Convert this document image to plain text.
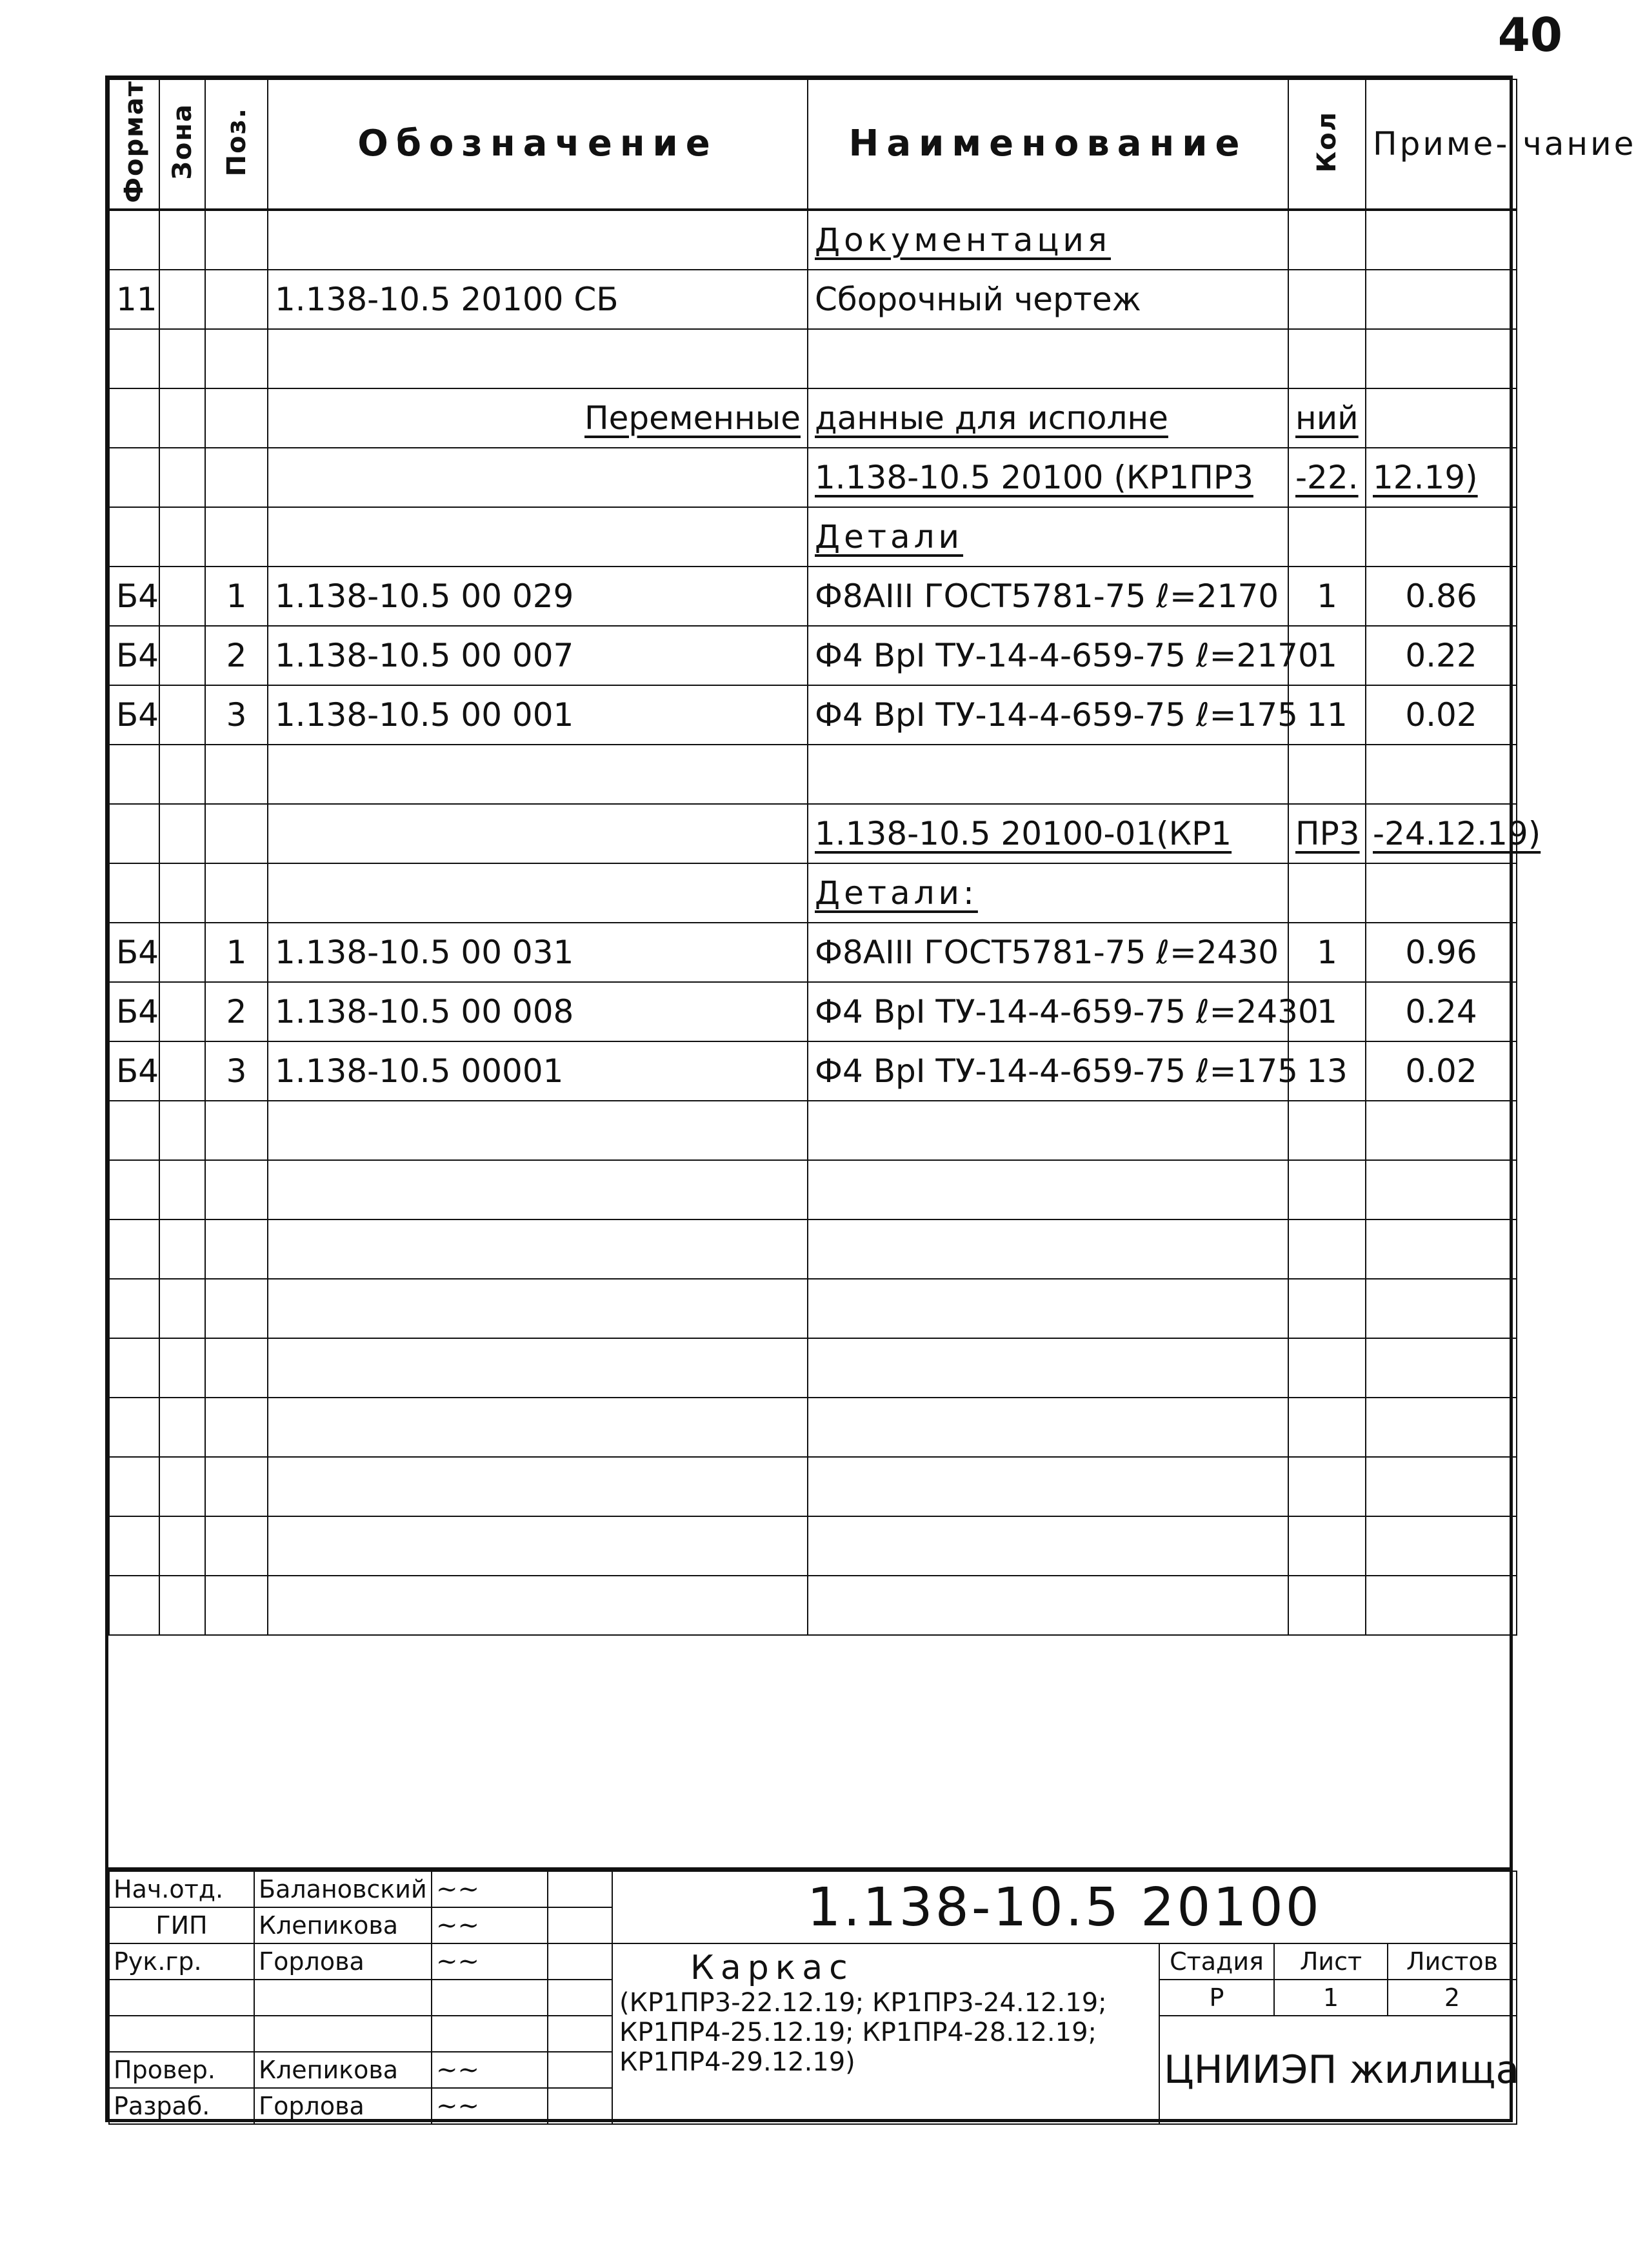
40
Формат	Зона	Поз.	Обозначение	Наименование	Кол	Приме- чание
				Документация		
11			1.138-10.5 20100 СБ	Сборочный чертеж		

			Переменные	данные для исполне	ний	
				1.138-10.5 20100 (КР1ПР3	-22.	12.19)
				Детали		
Б4		1	1.138-10.5 00 029	Ф8АIII ГОСТ5781-75 ℓ=2170	1	0.86
Б4		2	1.138-10.5 00 007	Ф4 ВрI ТУ-14-4-659-75 ℓ=2170	1	0.22
Б4		3	1.138-10.5 00 001	Ф4 ВрI ТУ-14-4-659-75 ℓ=175	11	0.02

				1.138-10.5 20100-01(КР1	ПР3	-24.12.19)
				Детали:		
Б4		1	1.138-10.5 00 031	Ф8АIII ГОСТ5781-75 ℓ=2430	1	0.96
Б4		2	1.138-10.5 00 008	Ф4 ВрI ТУ-14-4-659-75 ℓ=2430	1	0.24
Б4		3	1.138-10.5 00001	Ф4 ВрI ТУ-14-4-659-75 ℓ=175	13	0.02

Нач.отд.	Балановский	~~		1.138-10.5 20100			
ГИП	Клепикова	~~					
Рук.гр.	Горлова	~~		Каркас
(КР1ПР3-22.12.19; КР1ПР3-24.12.19; КР1ПР4-25.12.19; КР1ПР4-28.12.19; КР1ПР4-29.12.19)	Стадия	Лист	Листов
					Р	1	2
					ЦНИИЭП жилища		
Провер.	Клепикова	~~					
Разраб.	Горлова	~~					
